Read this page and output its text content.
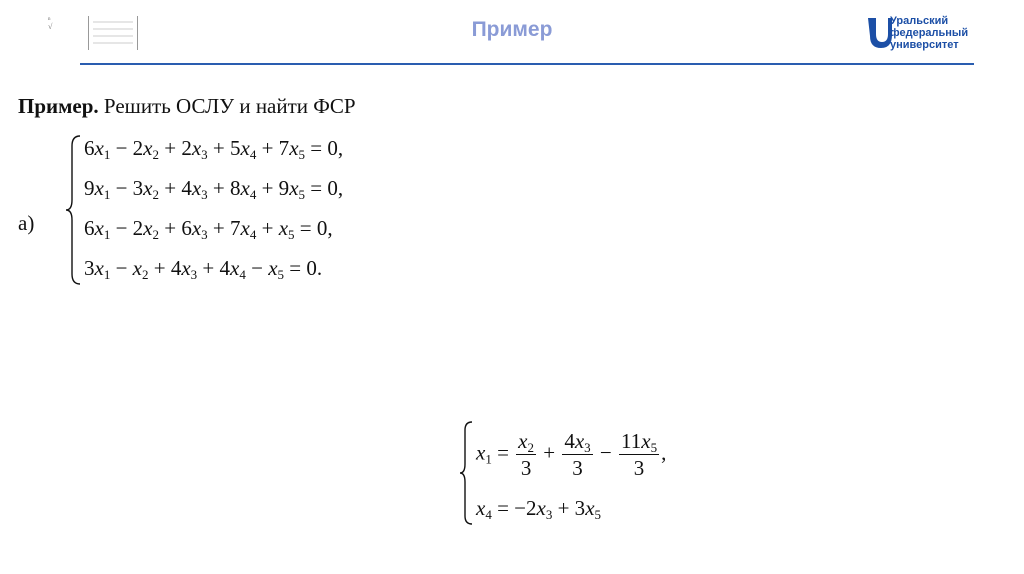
ⁿ
√	Пример	Уральский
федеральный
университет
Пример. Решить ОСЛУ и найти ФСР
а)
$6x_1 - 2x_2 + 2x_3 + 5x_4 + 7x_5 = 0$,
$9x_1 - 3x_2 + 4x_3 + 8x_4 + 9x_5 = 0$,
$6x_1 - 2x_2 + 6x_3 + 7x_4 + x_5 = 0$,
$3x_1 - x_2 + 4x_3 + 4x_4 - x_5 = 0$.
$x_1 = \frac{x_2}{3} + \frac{4x_3}{3} - \frac{11x_5}{3}$ ,
$x_4 = -2x_3 + 3x_5$
